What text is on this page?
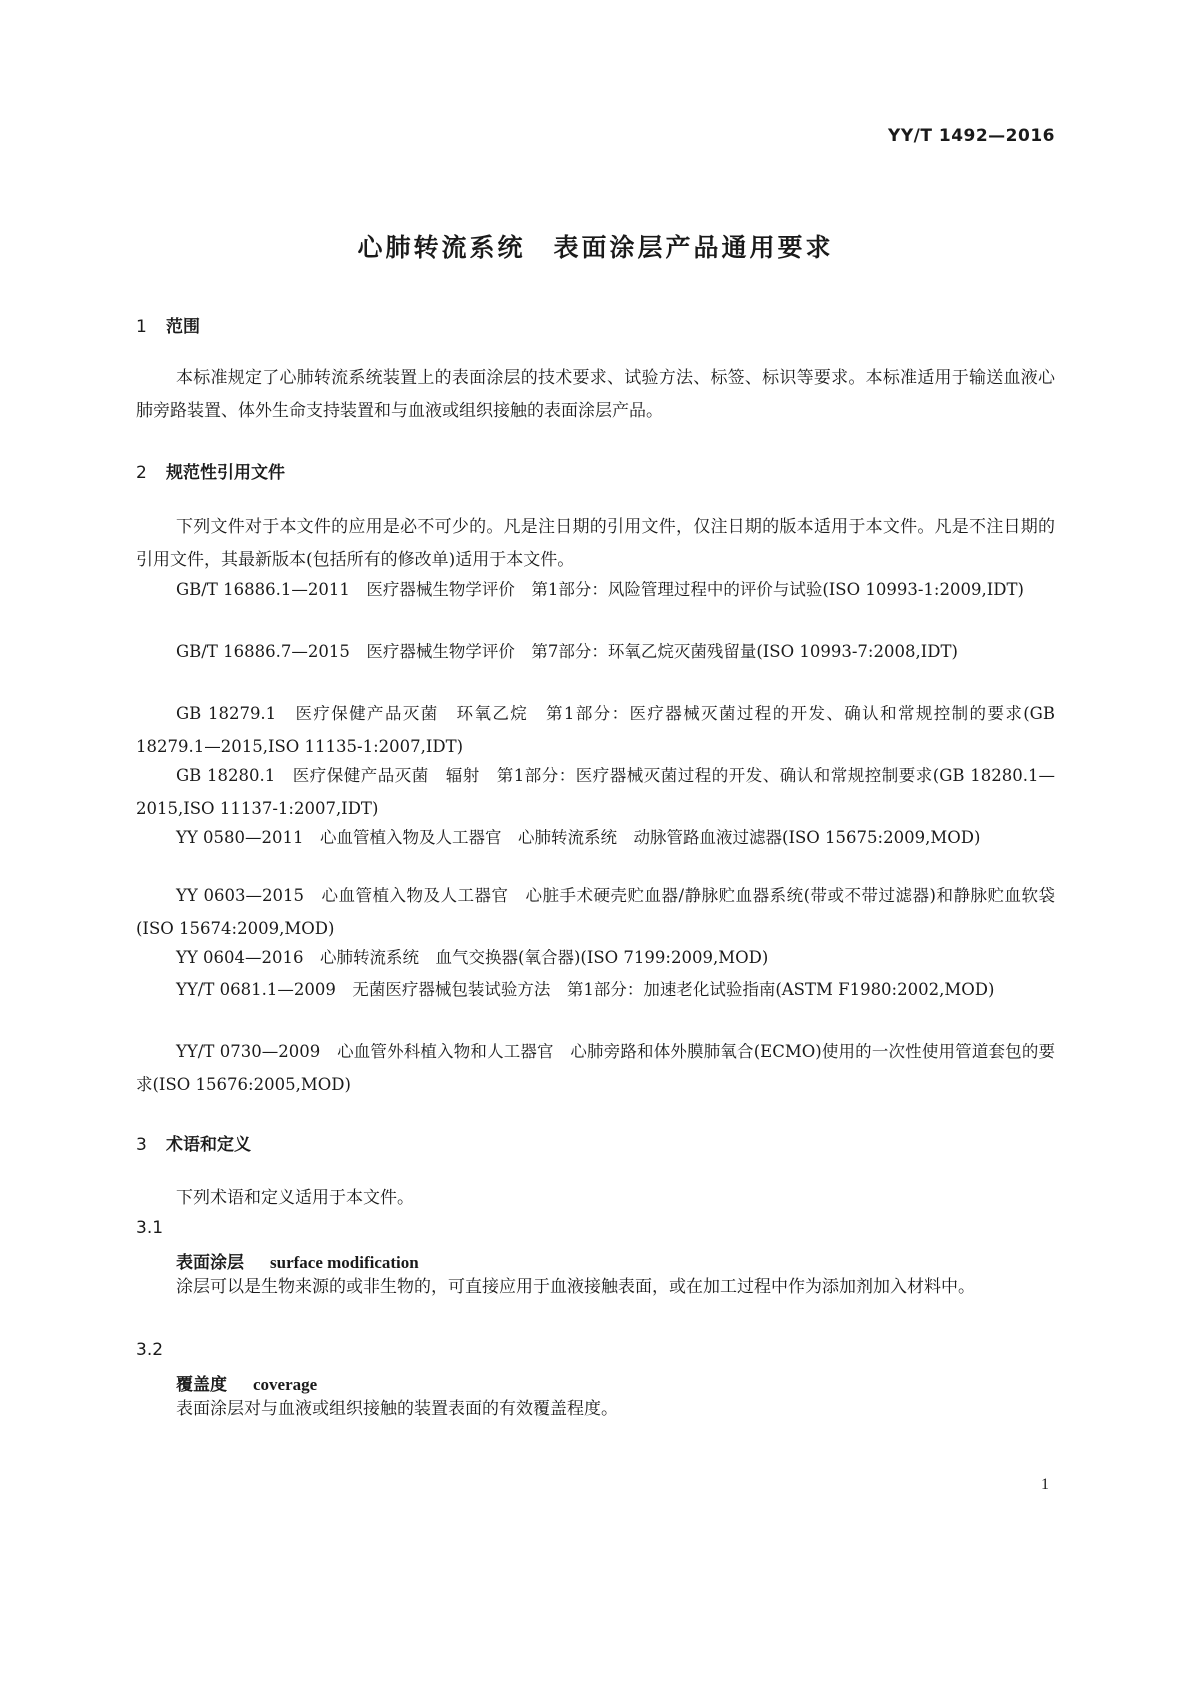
YY/T 1492—2016
心肺转流系统　表面涂层产品通用要求
1 范围

本标准规定了心肺转流系统装置上的表面涂层的技术要求、试验方法、标签、标识等要求。本标准适用于输送血液心肺旁路装置、体外生命支持装置和与血液或组织接触的表面涂层产品。

2 规范性引用文件

下列文件对于本文件的应用是必不可少的。凡是注日期的引用文件，仅注日期的版本适用于本文件。凡是不注日期的引用文件，其最新版本(包括所有的修改单)适用于本文件。

GB/T 16886.1—2011　医疗器械生物学评价　第1部分：风险管理过程中的评价与试验(ISO 10993-1:2009,IDT)

GB/T 16886.7—2015　医疗器械生物学评价　第7部分：环氧乙烷灭菌残留量(ISO 10993-7:2008,IDT)

GB 18279.1　医疗保健产品灭菌　环氧乙烷　第1部分：医疗器械灭菌过程的开发、确认和常规控制的要求(GB 18279.1—2015,ISO 11135-1:2007,IDT)

GB 18280.1　医疗保健产品灭菌　辐射　第1部分：医疗器械灭菌过程的开发、确认和常规控制要求(GB 18280.1—2015,ISO 11137-1:2007,IDT)

YY 0580—2011　心血管植入物及人工器官　心肺转流系统　动脉管路血液过滤器(ISO 15675:2009,MOD)

YY 0603—2015　心血管植入物及人工器官　心脏手术硬壳贮血器/静脉贮血器系统(带或不带过滤器)和静脉贮血软袋(ISO 15674:2009,MOD)

YY 0604—2016　心肺转流系统　血气交换器(氧合器)(ISO 7199:2009,MOD)

YY/T 0681.1—2009　无菌医疗器械包装试验方法　第1部分：加速老化试验指南(ASTM F1980:2002,MOD)

YY/T 0730—2009　心血管外科植入物和人工器官　心肺旁路和体外膜肺氧合(ECMO)使用的一次性使用管道套包的要求(ISO 15676:2005,MOD)

3 术语和定义

下列术语和定义适用于本文件。

3.1
表面涂层 surface modification

涂层可以是生物来源的或非生物的，可直接应用于血液接触表面，或在加工过程中作为添加剂加入材料中。

3.2
覆盖度 coverage

表面涂层对与血液或组织接触的装置表面的有效覆盖程度。

1
